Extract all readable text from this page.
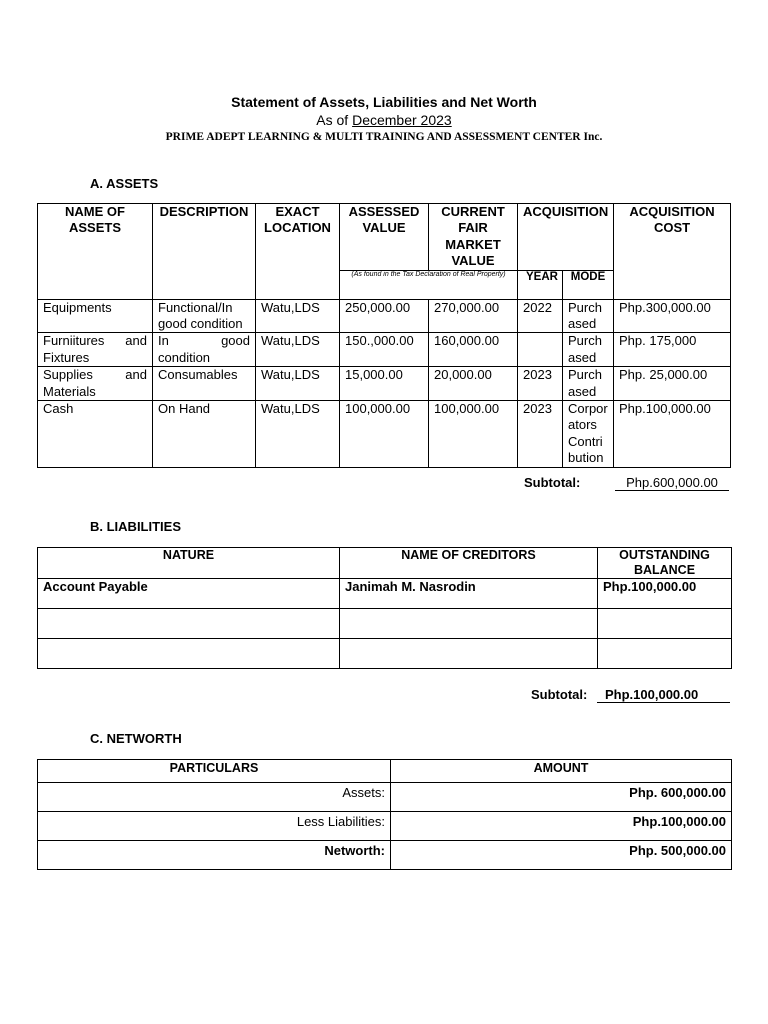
Statement of Assets, Liabilities and Net Worth
As of December 2023
PRIME ADEPT LEARNING & MULTI TRAINING AND ASSESSMENT CENTER Inc.
A. ASSETS
NAME OF ASSETS	DESCRIPTION	EXACT LOCATION	ASSESSED VALUE	CURRENT FAIR MARKET VALUE	ACQUISITION		ACQUISITION COST
			(As found in the Tax Declaration of Real Property)		YEAR	MODE	
Equipments	Functional/In good condition	Watu,LDS	250,000.00	270,000.00	2022	Purchased	Php.300,000.00
Furniitures and Fixtures	In good condition	Watu,LDS	150.,000.00	160,000.00		Purchased	Php. 175,000
Supplies and Materials	Consumables	Watu,LDS	15,000.00	20,000.00	2023	Purchased	Php. 25,000.00
Cash	On Hand	Watu,LDS	100,000.00	100,000.00	2023	Corporators Contribution	Php.100,000.00
Subtotal:	Php.600,000.00
B. LIABILITIES
NATURE	NAME OF CREDITORS	OUTSTANDING BALANCE
Account Payable	Janimah M. Nasrodin	Php.100,000.00

Subtotal:	Php.100,000.00
C. NETWORTH
PARTICULARS	AMOUNT
Assets:	Php. 600,000.00
Less Liabilities:	Php.100,000.00
Networth:	Php. 500,000.00
